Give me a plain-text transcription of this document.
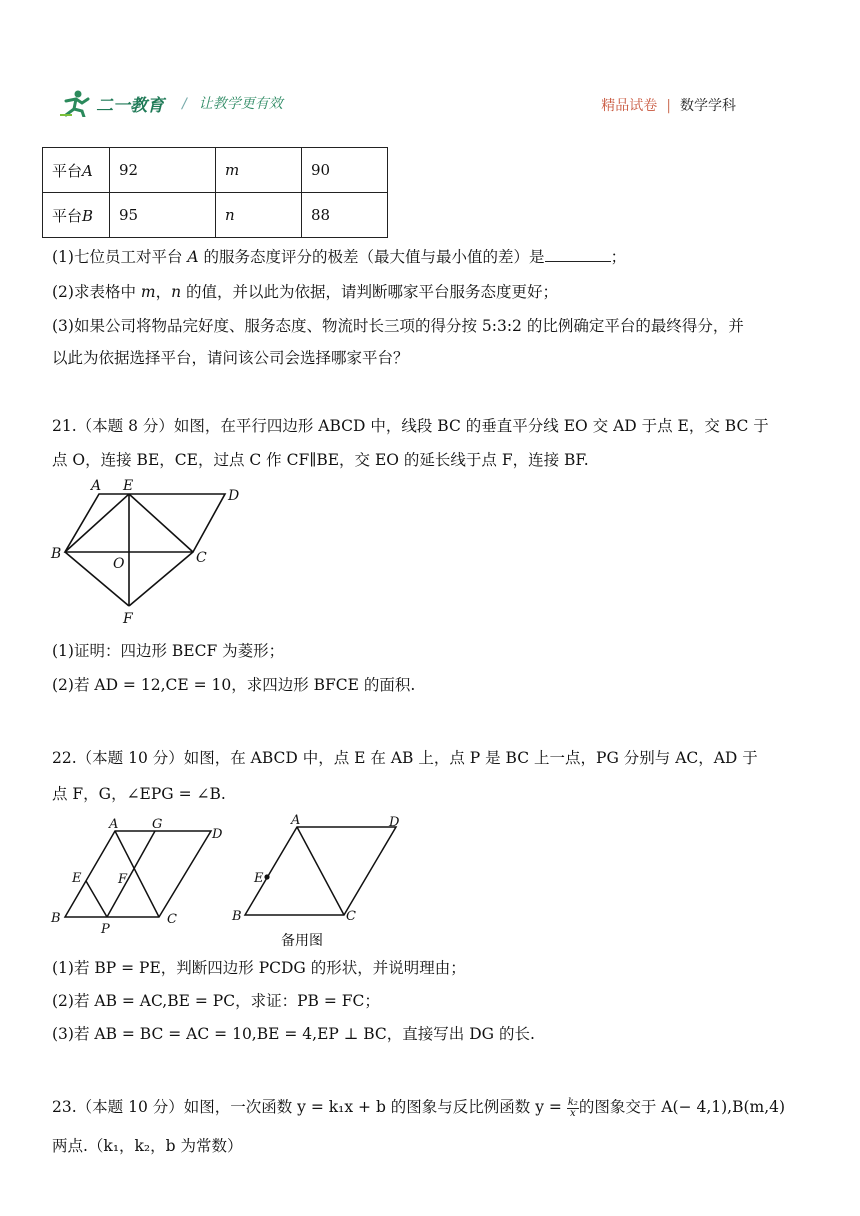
二一教育 / 让教学更有效	精品试卷 | 数学学科
平台A	92	m	90
平台B	95	n	88
(1)七位员工对平台 A 的服务态度评分的极差（最大值与最小值的差）是	；
(2)求表格中 m，n 的值，并以此为依据，请判断哪家平台服务态度更好；
(3)如果公司将物品完好度、服务态度、物流时长三项的得分按 5:3:2 的比例确定平台的最终得分，并
以此为依据选择平台，请问该公司会选择哪家平台？
21.（本题 8 分）如图，在平行四边形 ABCD 中，线段 BC 的垂直平分线 EO 交 AD 于点 E，交 BC 于
点 O，连接 BE，CE，过点 C 作 CF∥BE，交 EO 的延长线于点 F，连接 BF.
A E
D
B
O	C
F
(1)证明：四边形 BECF 为菱形；
(2)若 AD = 12,CE = 10，求四边形 BFCE 的面积.
22.（本题 10 分）如图，在 ABCD 中，点 E 在 AB 上，点 P 是 BC 上一点，PG 分别与 AC，AD 于
点 F，G，∠EPG = ∠B.
A	G
D
E	F
B
P
C
A	D
E
B	C
备用图
(1)若 BP = PE，判断四边形 PCDG 的形状，并说明理由；
(2)若 AB = AC,BE = PC，求证：PB = FC；
(3)若 AB = BC = AC = 10,BE = 4,EP ⊥ BC，直接写出 DG 的长.
23.（本题 10 分）如图，一次函数 y = k₁x + b 的图象与反比例函数 $y = \frac{\text{k₂}}{x}$ 的图象交于 A(− 4,1),B(m,4)
两点.（k₁，k₂，b 为常数）
